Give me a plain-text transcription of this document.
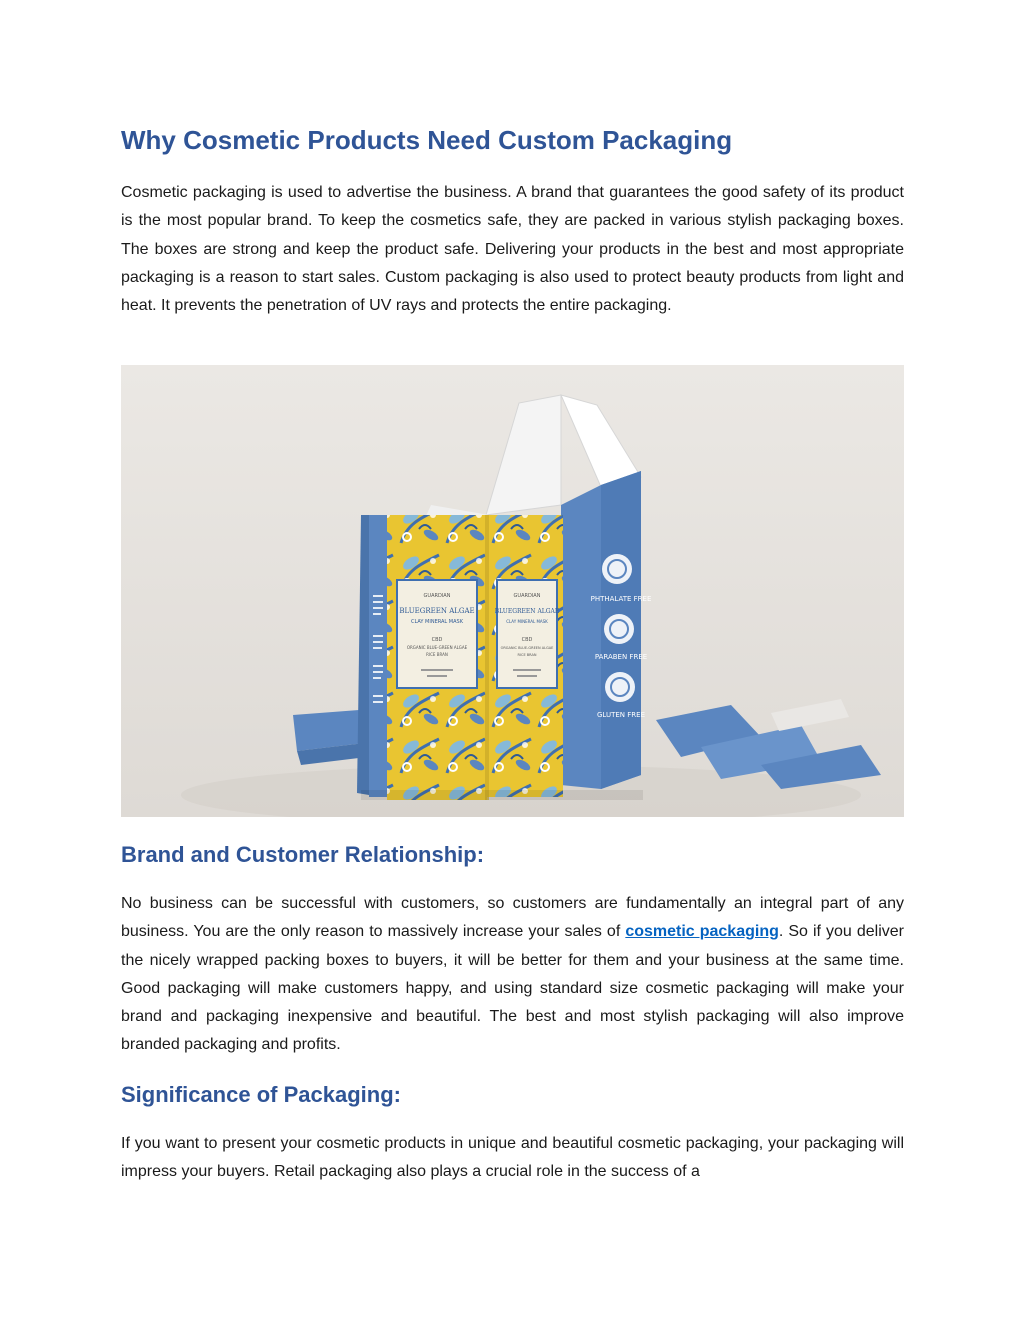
Why Cosmetic Products Need Custom Packaging

Cosmetic packaging is used to advertise the business. A brand that guarantees the good safety of its product is the most popular brand. To keep the cosmetics safe, they are packed in various stylish packaging boxes. The boxes are strong and keep the product safe. Delivering your products in the best and most appropriate packaging is a reason to start sales. Custom packaging is also used to protect beauty products from light and heat. It prevents the penetration of UV rays and protects the entire packaging.

PHTHALATE FREE
PARABEN FREE
GLUTEN FREE
GUARDIAN
BLUEGREEN ALGAE
CLAY MINERAL MASK
CBD
ORGANIC BLUE-GREEN ALGAE
RICE BRAN
GUARDIAN
BLUEGREEN ALGAE
CLAY MINERAL MASK
CBD
ORGANIC BLUE-GREEN ALGAE
RICE BRAN
Brand and Customer Relationship:

No business can be successful with customers, so customers are fundamentally an integral part of any business. You are the only reason to massively increase your sales of cosmetic packaging. So if you deliver the nicely wrapped packing boxes to buyers, it will be better for them and your business at the same time. Good packaging will make customers happy, and using standard size cosmetic packaging will make your brand and packaging inexpensive and beautiful. The best and most stylish packaging will also improve branded packaging and profits.

Significance of Packaging:

If you want to present your cosmetic products in unique and beautiful cosmetic packaging, your packaging will impress your buyers. Retail packaging also plays a crucial role in the success of a
